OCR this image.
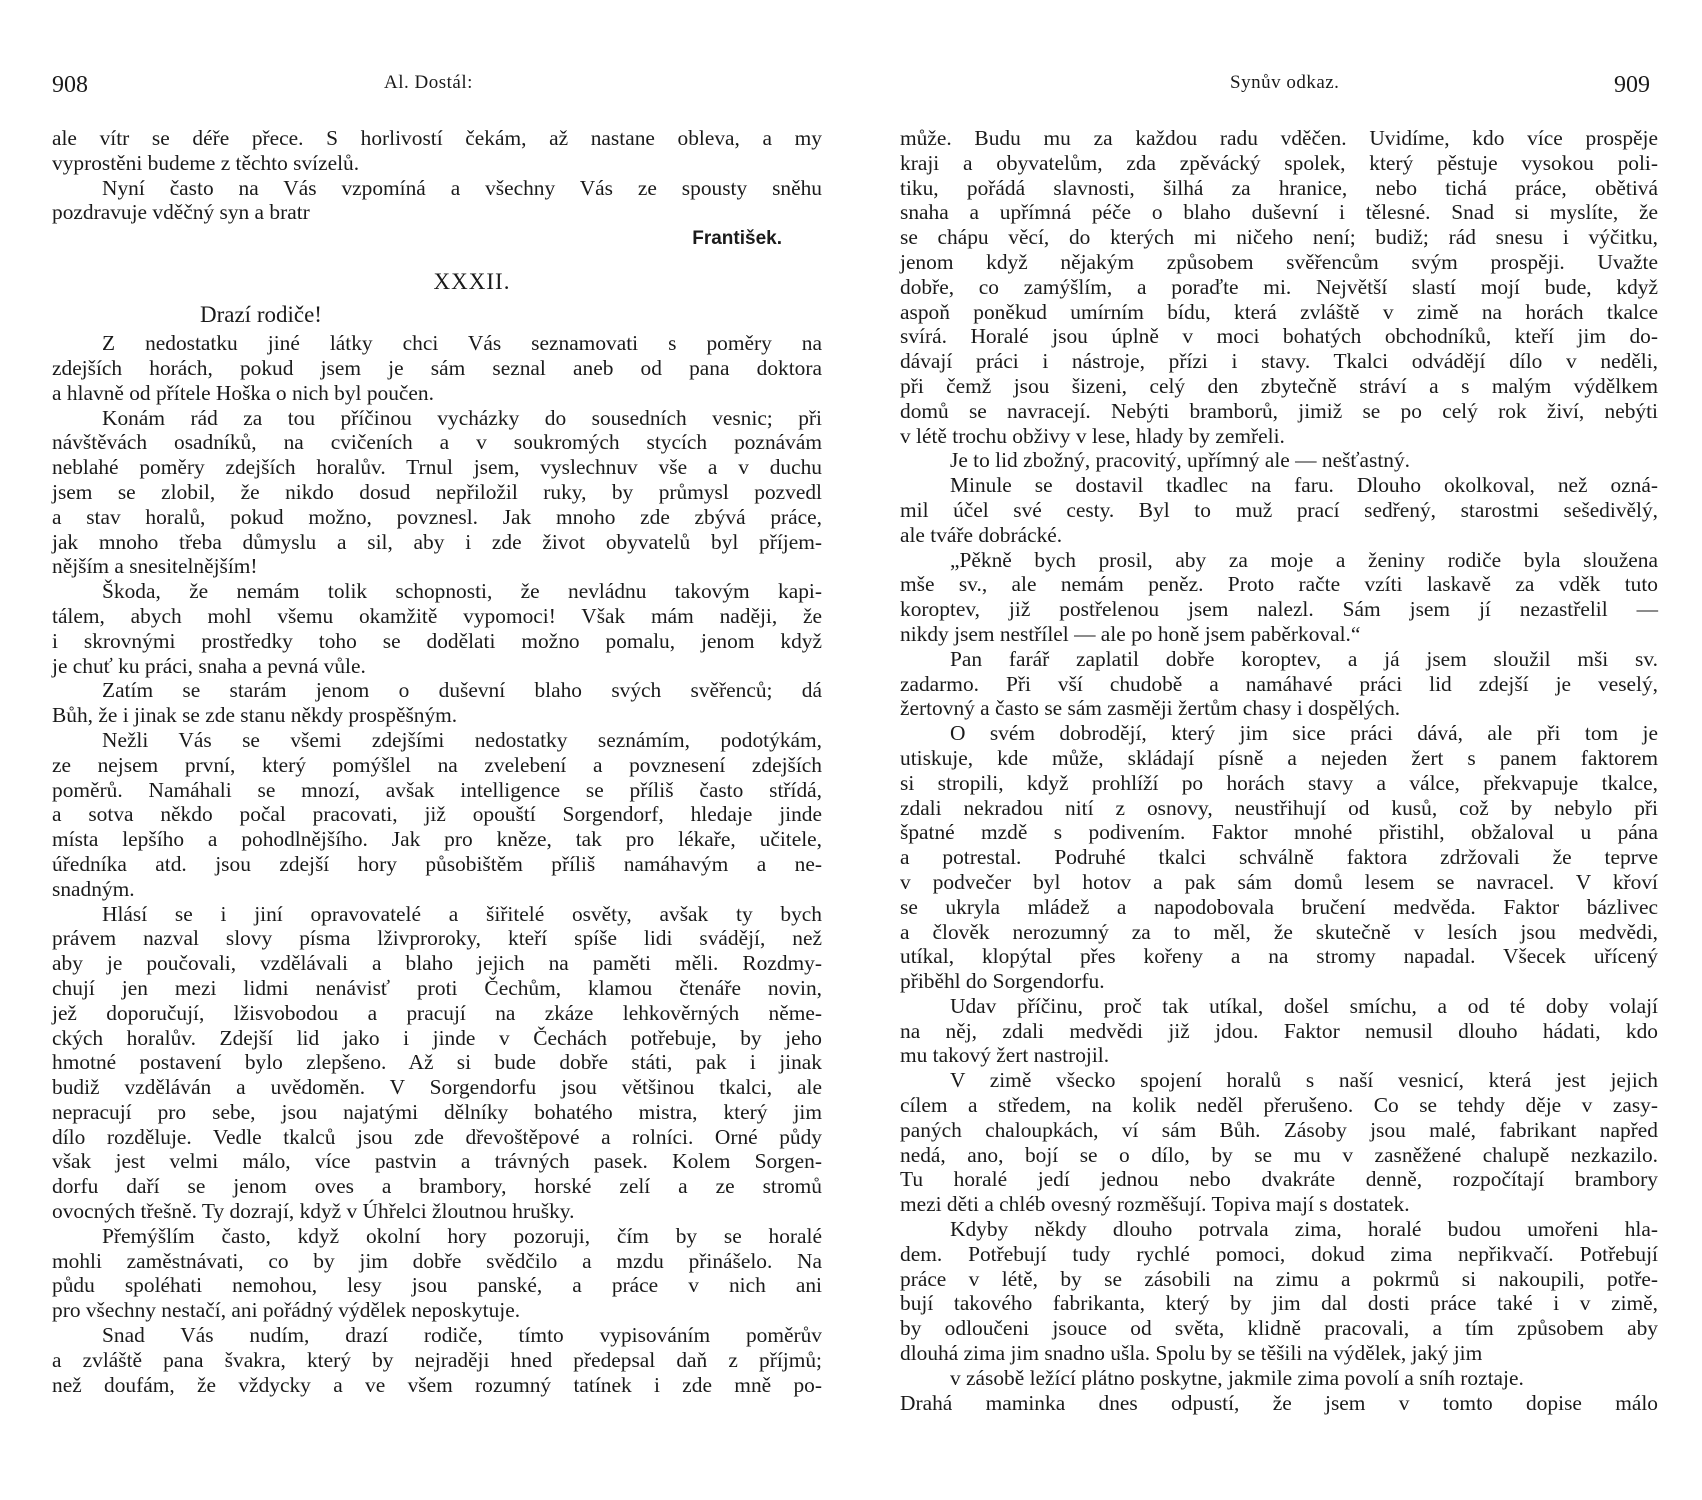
908	Al. Dostál:
ale vítr se déře přece. S horlivostí čekám, až nastane obleva, a my
vyprostěni budeme z těchto svízelů.
Nyní často na Vás vzpomíná a všechny Vás ze spousty sněhu
pozdravuje vděčný syn a bratr
František.
XXXII.
Drazí rodiče!
Z nedostatku jiné látky chci Vás seznamovati s poměry na
zdejších horách, pokud jsem je sám seznal aneb od pana doktora
a hlavně od přítele Hoška o nich byl poučen.
Konám rád za tou příčinou vycházky do sousedních vesnic; při
návštěvách osadníků, na cvičeních a v soukromých stycích poznávám
neblahé poměry zdejších horalův. Trnul jsem, vyslechnuv vše a v duchu
jsem se zlobil, že nikdo dosud nepřiložil ruky, by průmysl pozvedl
a stav horalů, pokud možno, povznesl. Jak mnoho zde zbývá práce,
jak mnoho třeba důmyslu a sil, aby i zde život obyvatelů byl příjem-
nějším a snesitelnějším!
Škoda, že nemám tolik schopnosti, že nevládnu takovým kapi-
tálem, abych mohl všemu okamžitě vypomoci! Však mám naději, že
i skrovnými prostředky toho se dodělati možno pomalu, jenom když
je chuť ku práci, snaha a pevná vůle.
Zatím se starám jenom o duševní blaho svých svěřenců; dá
Bůh, že i jinak se zde stanu někdy prospěšným.
Nežli Vás se všemi zdejšími nedostatky seznámím, podotýkám,
ze nejsem první, který pomýšlel na zvelebení a povznesení zdejších
poměrů. Namáhali se mnozí, avšak intelligence se příliš často střídá,
a sotva někdo počal pracovati, již opouští Sorgendorf, hledaje jinde
místa lepšího a pohodlnějšího. Jak pro kněze, tak pro lékaře, učitele,
úředníka atd. jsou zdejší hory působištěm příliš namáhavým a ne-
snadným.
Hlásí se i jiní opravovatelé a šiřitelé osvěty, avšak ty bych
právem nazval slovy písma lživproroky, kteří spíše lidi svádějí, než
aby je poučovali, vzdělávali a blaho jejich na paměti měli. Rozdmy-
chují jen mezi lidmi nenávisť proti Čechům, klamou čtenáře novin,
jež doporučují, lžisvobodou a pracují na zkáze lehkověrných něme-
ckých horalův. Zdejší lid jako i jinde v Čechách potřebuje, by jeho
hmotné postavení bylo zlepšeno. Až si bude dobře státi, pak i jinak
budiž vzděláván a uvědoměn. V Sorgendorfu jsou většinou tkalci, ale
nepracují pro sebe, jsou najatými dělníky bohatého mistra, který jim
dílo rozděluje. Vedle tkalců jsou zde dřevoštěpové a rolníci. Orné půdy
však jest velmi málo, více pastvin a trávných pasek. Kolem Sorgen-
dorfu daří se jenom oves a brambory, horské zelí a ze stromů
ovocných třešně. Ty dozrají, když v Úhřelci žloutnou hrušky.
Přemýšlím často, když okolní hory pozoruji, čím by se horalé
mohli zaměstnávati, co by jim dobře svědčilo a mzdu přinášelo. Na
půdu spoléhati nemohou, lesy jsou panské, a práce v nich ani
pro všechny nestačí, ani pořádný výdělek neposkytuje.
Snad Vás nudím, drazí rodiče, tímto vypisováním poměrův
a zvláště pana švakra, který by nejraději hned předepsal daň z příjmů;
než doufám, že vždycky a ve všem rozumný tatínek i zde mně po-
Synův odkaz.	909
může. Budu mu za každou radu vděčen. Uvidíme, kdo více prospěje
kraji a obyvatelům, zda zpěvácký spolek, který pěstuje vysokou poli-
tiku, pořádá slavnosti, šilhá za hranice, nebo tichá práce, obětivá
snaha a upřímná péče o blaho duševní i tělesné. Snad si myslíte, že
se chápu věcí, do kterých mi ničeho není; budiž; rád snesu i výčitku,
jenom když nějakým způsobem svěřencům svým prospěji. Uvažte
dobře, co zamýšlím, a poraďte mi. Největší slastí mojí bude, když
aspoň poněkud umírním bídu, která zvláště v zimě na horách tkalce
svírá. Horalé jsou úplně v moci bohatých obchodníků, kteří jim do-
dávají práci i nástroje, přízi i stavy. Tkalci odvádějí dílo v neděli,
při čemž jsou šizeni, celý den zbytečně stráví a s malým výdělkem
domů se navracejí. Nebýti bramborů, jimiž se po celý rok živí, nebýti
v létě trochu obživy v lese, hlady by zemřeli.
Je to lid zbožný, pracovitý, upřímný ale — nešťastný.
Minule se dostavil tkadlec na faru. Dlouho okolkoval, než ozná-
mil účel své cesty. Byl to muž prací sedřený, starostmi sešedivělý,
ale tváře dobrácké.
„Pěkně bych prosil, aby za moje a ženiny rodiče byla sloužena
mše sv., ale nemám peněz. Proto račte vzíti laskavě za vděk tuto
koroptev, již postřelenou jsem nalezl. Sám jsem jí nezastřelil —
nikdy jsem nestřílel — ale po honě jsem paběrkoval.“
Pan farář zaplatil dobře koroptev, a já jsem sloužil mši sv.
zadarmo. Při vší chudobě a namáhavé práci lid zdejší je veselý,
žertovný a často se sám zasměji žertům chasy i dospělých.
O svém dobrodějí, který jim sice práci dává, ale při tom je
utiskuje, kde může, skládají písně a nejeden žert s panem faktorem
si stropili, když prohlíží po horách stavy a válce, překvapuje tkalce,
zdali nekradou nití z osnovy, neustřihují od kusů, což by nebylo při
špatné mzdě s podivením. Faktor mnohé přistihl, obžaloval u pána
a potrestal. Podruhé tkalci schválně faktora zdržovali že teprve
v podvečer byl hotov a pak sám domů lesem se navracel. V křoví
se ukryla mládež a napodobovala bručení medvěda. Faktor bázlivec
a člověk nerozumný za to měl, že skutečně v lesích jsou medvědi,
utíkal, klopýtal přes kořeny a na stromy napadal. Všecek uřícený
přiběhl do Sorgendorfu.
Udav příčinu, proč tak utíkal, došel smíchu, a od té doby volají
na něj, zdali medvědi již jdou. Faktor nemusil dlouho hádati, kdo
mu takový žert nastrojil.
V zimě všecko spojení horalů s naší vesnicí, která jest jejich
cílem a středem, na kolik neděl přerušeno. Co se tehdy děje v zasy-
paných chaloupkách, ví sám Bůh. Zásoby jsou malé, fabrikant napřed
nedá, ano, bojí se o dílo, by se mu v zasněžené chalupě nezkazilo.
Tu horalé jedí jednou nebo dvakráte denně, rozpočítají brambory
mezi děti a chléb ovesný rozměšují. Topiva mají s dostatek.
Kdyby někdy dlouho potrvala zima, horalé budou umořeni hla-
dem. Potřebují tudy rychlé pomoci, dokud zima nepřikvačí. Potřebují
práce v létě, by se zásobili na zimu a pokrmů si nakoupili, potře-
bují takového fabrikanta, který by jim dal dosti práce také i v zimě,
by odloučeni jsouce od světa, klidně pracovali, a tím způsobem aby
dlouhá zima jim snadno ušla. Spolu by se těšili na výdělek, jaký jim
v zásobě ležící plátno poskytne, jakmile zima povolí a sníh roztaje.
Drahá maminka dnes odpustí, že jsem v tomto dopise málo
